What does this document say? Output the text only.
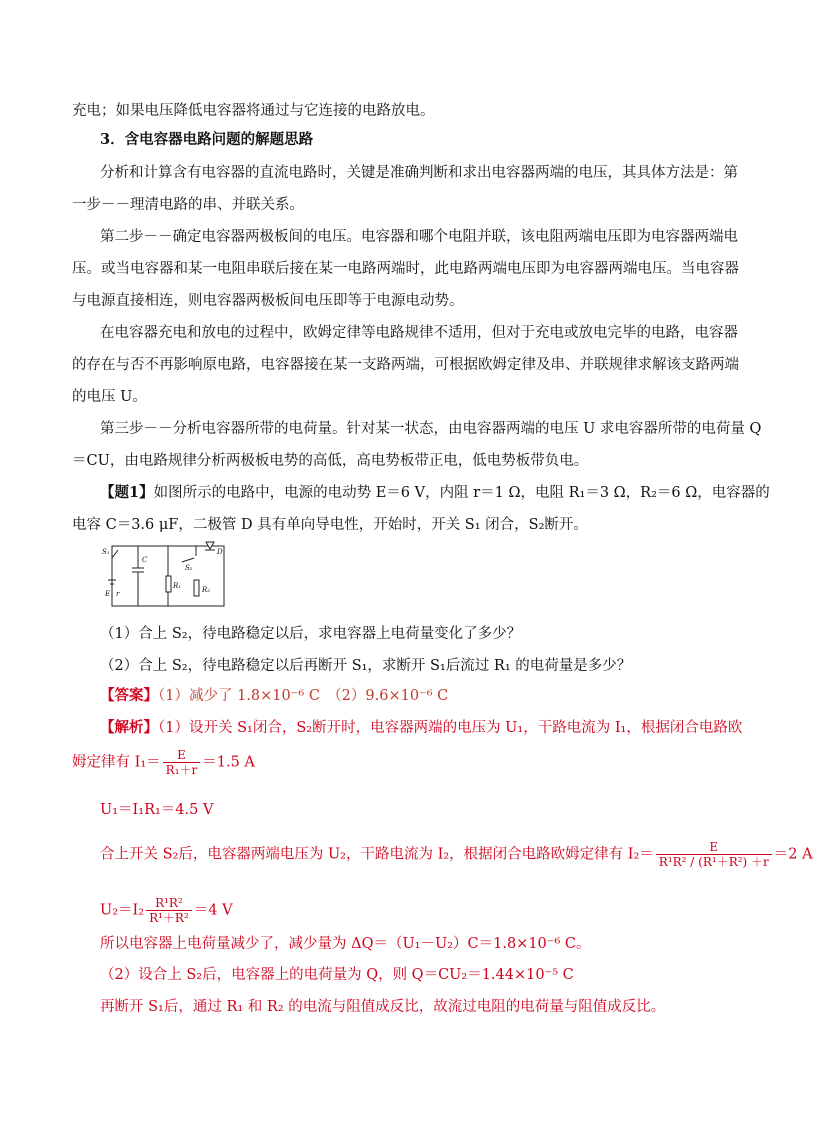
充电；如果电压降低电容器将通过与它连接的电路放电。
3．含电容器电路问题的解题思路
分析和计算含有电容器的直流电路时，关键是准确判断和求出电容器两端的电压，其具体方法是：第
一步－－理清电路的串、并联关系。
第二步－－确定电容器两极板间的电压。电容器和哪个电阻并联，该电阻两端电压即为电容器两端电
压。或当电容器和某一电阻串联后接在某一电路两端时，此电路两端电压即为电容器两端电压。当电容器
与电源直接相连，则电容器两极板间电压即等于电源电动势。
在电容器充电和放电的过程中，欧姆定律等电路规律不适用，但对于充电或放电完毕的电路，电容器
的存在与否不再影响原电路，电容器接在某一支路两端，可根据欧姆定律及串、并联规律求解该支路两端
的电压 U。
第三步－－分析电容器所带的电荷量。针对某一状态，由电容器两端的电压 U 求电容器所带的电荷量 Q
＝CU，由电路规律分析两极板电势的高低，高电势板带正电，低电势板带负电。
【题1】如图所示的电路中，电源的电动势 E＝6 V，内阻 r＝1 Ω，电阻 R₁＝3 Ω，R₂＝6 Ω，电容器的
电容 C＝3.6 μF，二极管 D 具有单向导电性，开始时，开关 S₁ 闭合，S₂断开。
S₁
C
D
S₂
R₁	R₂
E r
（1）合上 S₂，待电路稳定以后，求电容器上电荷量变化了多少？
（2）合上 S₂，待电路稳定以后再断开 S₁，求断开 S₁后流过 R₁ 的电荷量是多少？
【答案】（1）减少了 1.8×10⁻⁶ C　（2）9.6×10⁻⁶ C
【解析】（1）设开关 S₁闭合，S₂断开时，电容器两端的电压为 U₁，干路电流为 I₁，根据闭合电路欧
姆定律有 $I_1= \frac{E}{\text{R₁＋r}} =1.5$ A
U₁＝I₁R₁＝4.5 V
合上开关 S₂后，电容器两端电压为 U₂，干路电流为 I₂，根据闭合电路欧姆定律有 $I_2= \frac{E}{\text{R¹R² / (R¹＋R²) ＋r}} =2$ A
$U_2=I_2 \frac{\text{R¹R²}}{\text{R¹＋R²}} =4$ V
所以电容器上电荷量减少了，减少量为 ΔQ＝（U₁－U₂）C＝1.8×10⁻⁶ C。
（2）设合上 S₂后，电容器上的电荷量为 Q，则 Q＝CU₂＝1.44×10⁻⁵ C
再断开 S₁后，通过 R₁ 和 R₂ 的电流与阻值成反比，故流过电阻的电荷量与阻值成反比。
